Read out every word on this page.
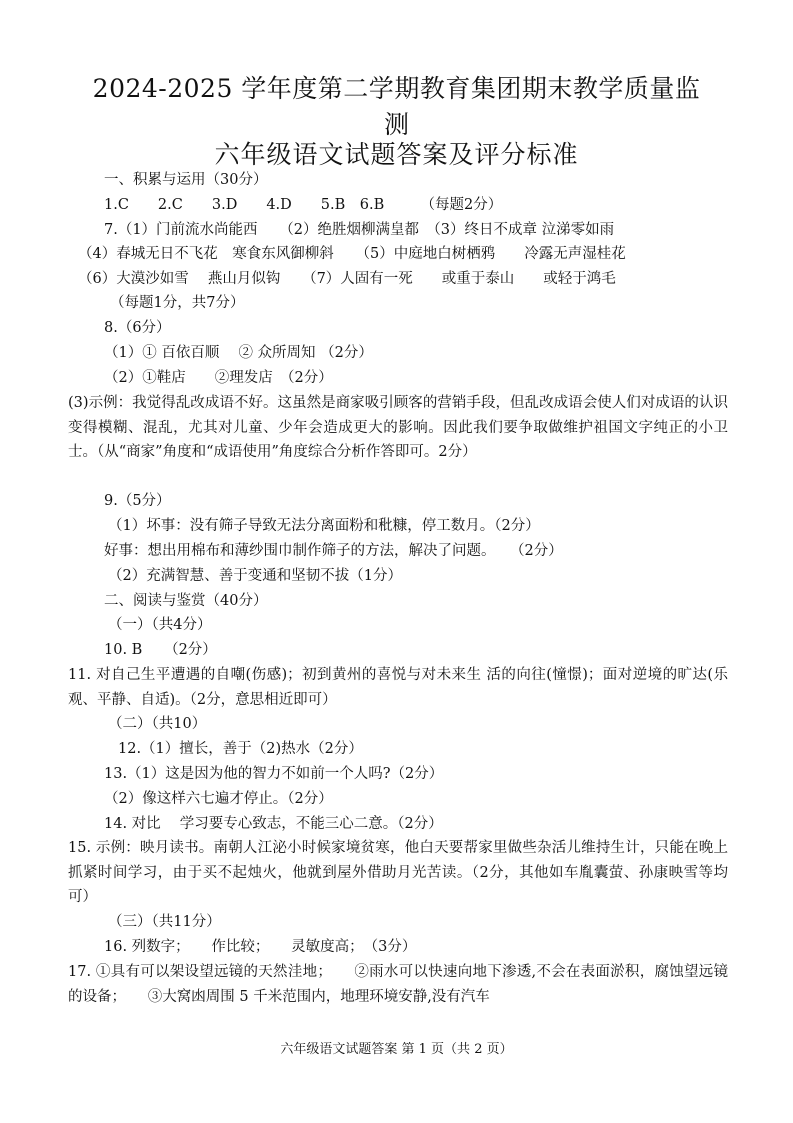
2024-2025 学年度第二学期教育集团期末教学质量监
测
六年级语文试题答案及评分标准
一、积累与运用（30分）
1.C　　2.C　　3.D　　4.D　　5.B　6.B　　　（每题2分）
7.（1）门前流水尚能西　　（2）绝胜烟柳满皇都　（3）终日不成章 泣涕零如雨
（4）春城无日不飞花　寒食东风御柳斜　　（5）中庭地白树栖鸦　　冷露无声湿桂花
（6）大漠沙如雪　 燕山月似钩　　（7）人固有一死　　或重于泰山　　或轻于鸿毛
（每题1分，共7分）
8.（6分）
（1）① 百依百顺　 ② 众所周知 （2分）
（2）①鞋店　　②理发店　（2分）
(3)示例：我觉得乱改成语不好。这虽然是商家吸引顾客的营销手段，但乱改成语会使人们对成语的认识变得模糊、混乱，尤其对儿童、少年会造成更大的影响。因此我们要争取做维护祖国文字纯正的小卫士。（从“商家”角度和“成语使用”角度综合分析作答即可。2分）
9.（5分）
（1）坏事：没有筛子导致无法分离面粉和秕糠，停工数月。（2分）
好事：想出用棉布和薄纱围巾制作筛子的方法，解决了问题。　　（2分）
（2）充满智慧、善于变通和坚韧不拔（1分）
二、阅读与鉴赏（40分）
（一）（共4分）
10. B　　（2分）
11. 对自己生平遭遇的自嘲(伤感)；初到黄州的喜悦与对未来生 活的向往(憧憬)；面对逆境的旷达(乐观、平静、自适)。（2分，意思相近即可）
（二）（共10）
12.（1）擅长，善于（2)热水（2分）
13.（1）这是因为他的智力不如前一个人吗?（2分）
（2）像这样六七遍才停止。（2分）
14. 对比　 学习要专心致志，不能三心二意。（2分）
15. 示例：映月读书。南朝人江泌小时候家境贫寒，他白天要帮家里做些杂活儿维持生计，只能在晚上抓紧时间学习，由于买不起烛火，他就到屋外借助月光苦读。（2分，其他如车胤囊萤、孙康映雪等均可）
（三）（共11分）
16. 列数字；　　作比较；　　灵敏度高；　（3分）
17. ①具有可以架设望远镜的天然洼地；　　②雨水可以快速向地下渗透,不会在表面淤积，腐蚀望远镜的设备；　　③大窝凼周围 5 千米范围内，地理环境安静,没有汽车
六年级语文试题答案 第 1 页（共 2 页）
